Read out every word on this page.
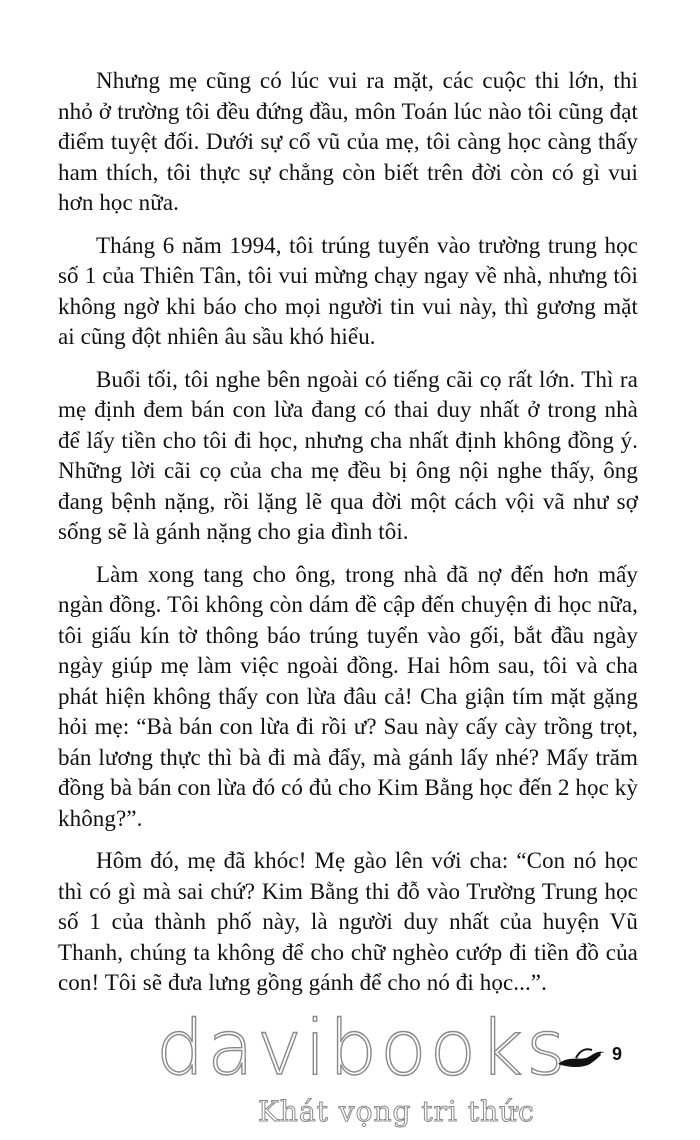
Nhưng mẹ cũng có lúc vui ra mặt, các cuộc thi lớn, thi nhỏ ở trường tôi đều đứng đầu, môn Toán lúc nào tôi cũng đạt điểm tuyệt đối. Dưới sự cổ vũ của mẹ, tôi càng học càng thấy ham thích, tôi thực sự chẳng còn biết trên đời còn có gì vui hơn học nữa.

Tháng 6 năm 1994, tôi trúng tuyển vào trường trung học số 1 của Thiên Tân, tôi vui mừng chạy ngay về nhà, nhưng tôi không ngờ khi báo cho mọi người tin vui này, thì gương mặt ai cũng đột nhiên âu sầu khó hiểu.

Buổi tối, tôi nghe bên ngoài có tiếng cãi cọ rất lớn. Thì ra mẹ định đem bán con lừa đang có thai duy nhất ở trong nhà để lấy tiền cho tôi đi học, nhưng cha nhất định không đồng ý. Những lời cãi cọ của cha mẹ đều bị ông nội nghe thấy, ông đang bệnh nặng, rồi lặng lẽ qua đời một cách vội vã như sợ sống sẽ là gánh nặng cho gia đình tôi.

Làm xong tang cho ông, trong nhà đã nợ đến hơn mấy ngàn đồng. Tôi không còn dám đề cập đến chuyện đi học nữa, tôi giấu kín tờ thông báo trúng tuyển vào gối, bắt đầu ngày ngày giúp mẹ làm việc ngoài đồng. Hai hôm sau, tôi và cha phát hiện không thấy con lừa đâu cả! Cha giận tím mặt gặng hỏi mẹ: “Bà bán con lừa đi rồi ư? Sau này cấy cày trồng trọt, bán lương thực thì bà đi mà đẩy, mà gánh lấy nhé? Mấy trăm đồng bà bán con lừa đó có đủ cho Kim Bằng học đến 2 học kỳ không?”.

Hôm đó, mẹ đã khóc! Mẹ gào lên với cha: “Con nó học thì có gì mà sai chứ? Kim Bằng thi đỗ vào Trường Trung học số 1 của thành phố này, là người duy nhất của huyện Vũ Thanh, chúng ta không để cho chữ nghèo cướp đi tiền đồ của con! Tôi sẽ đưa lưng gồng gánh để cho nó đi học...”.

davibooks
Khát vọng tri thức
9
